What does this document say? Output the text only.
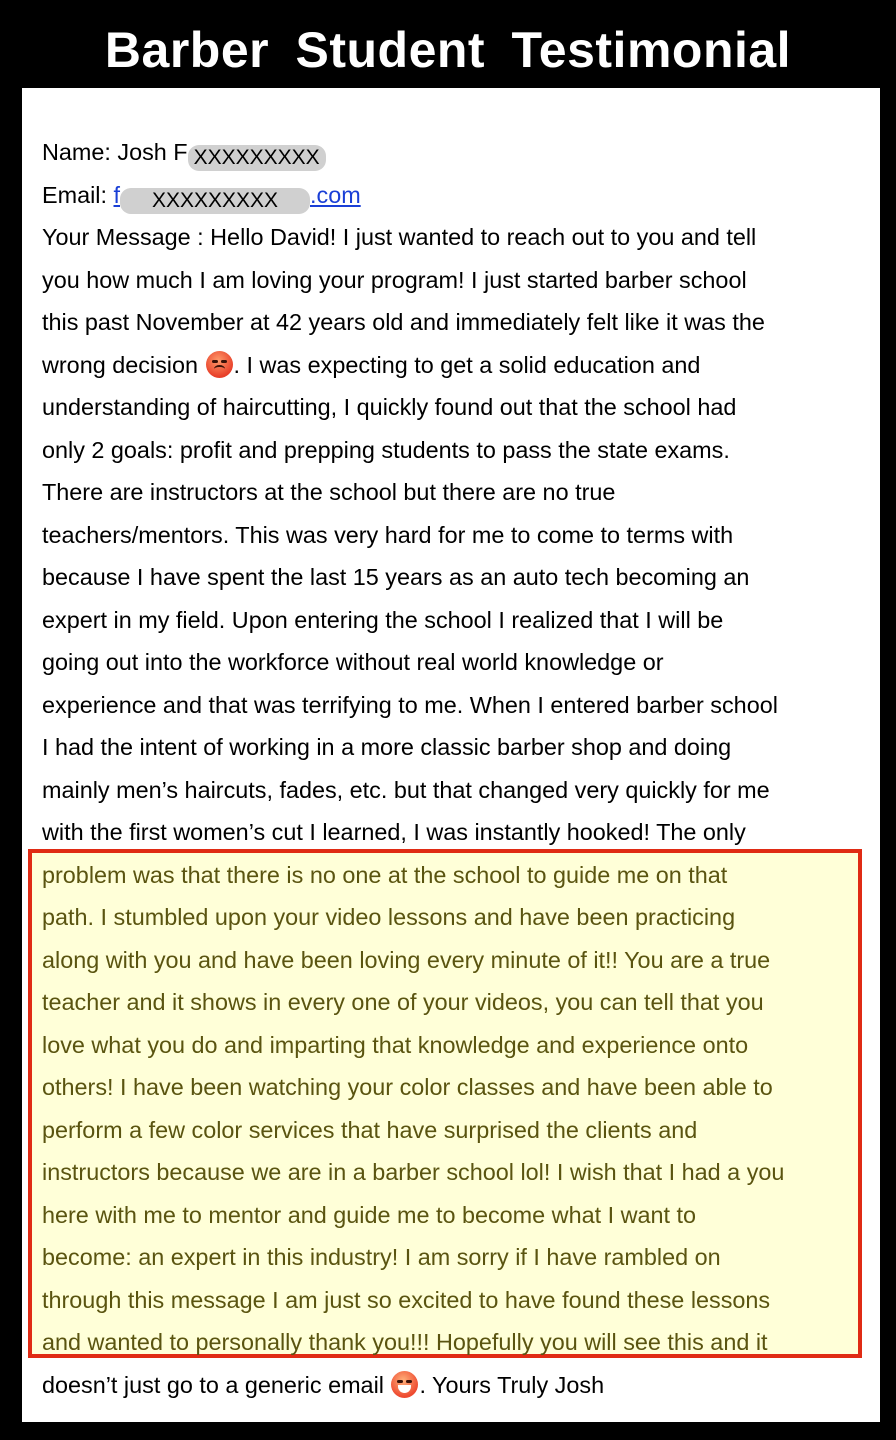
Barber Student Testimonial
Name: Josh F XXXXXXXXX
Email: f XXXXXXXXX .com
Your Message : Hello David! I just wanted to reach out to you and tell
you how much I am loving your program! I just started barber school
this past November at 42 years old and immediately felt like it was the
wrong decision . I was expecting to get a solid education and
understanding of haircutting, I quickly found out that the school had
only 2 goals: profit and prepping students to pass the state exams.
There are instructors at the school but there are no true
teachers/mentors. This was very hard for me to come to terms with
because I have spent the last 15 years as an auto tech becoming an
expert in my field. Upon entering the school I realized that I will be
going out into the workforce without real world knowledge or
experience and that was terrifying to me. When I entered barber school
I had the intent of working in a more classic barber shop and doing
mainly men’s haircuts, fades, etc. but that changed very quickly for me
with the first women’s cut I learned, I was instantly hooked! The only
problem was that there is no one at the school to guide me on that
path. I stumbled upon your video lessons and have been practicing
along with you and have been loving every minute of it!! You are a true
teacher and it shows in every one of your videos, you can tell that you
love what you do and imparting that knowledge and experience onto
others! I have been watching your color classes and have been able to
perform a few color services that have surprised the clients and
instructors because we are in a barber school lol! I wish that I had a you
here with me to mentor and guide me to become what I want to
become: an expert in this industry! I am sorry if I have rambled on
through this message I am just so excited to have found these lessons
and wanted to personally thank you!!! Hopefully you will see this and it
doesn’t just go to a generic email . Yours Truly Josh
